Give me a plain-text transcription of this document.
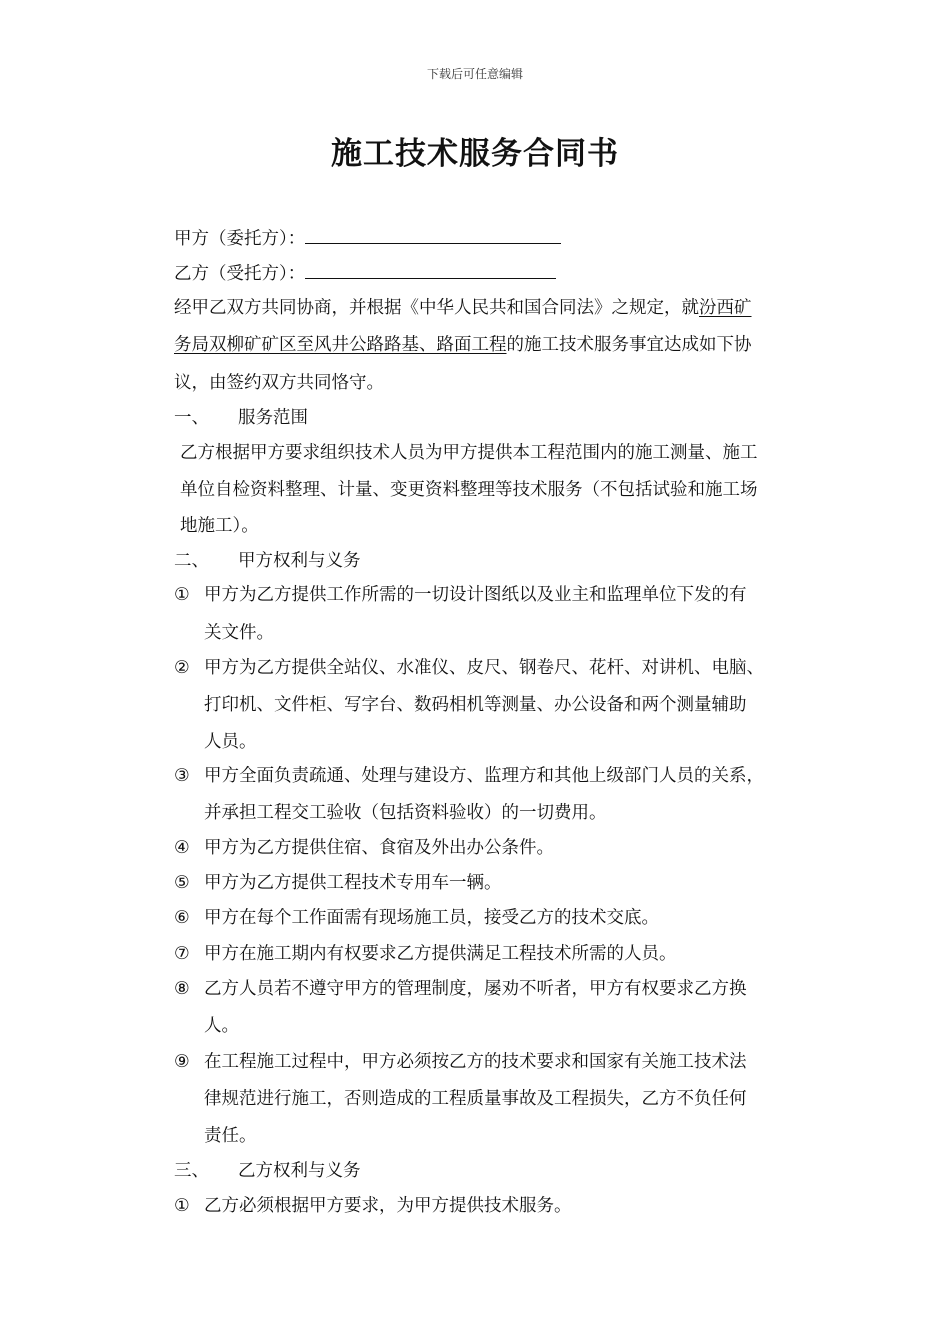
下载后可任意编辑
施工技术服务合同书
甲方（委托方）：
乙方（受托方）：
经甲乙双方共同协商，并根据《中华人民共和国合同法》之规定，就汾西矿
务局双柳矿矿区至风井公路路基、路面工程的施工技术服务事宜达成如下协
议，由签约双方共同恪守。
一、 服务范围
乙方根据甲方要求组织技术人员为甲方提供本工程范围内的施工测量、施工
单位自检资料整理、计量、变更资料整理等技术服务（不包括试验和施工场
地施工）。
二、 甲方权利与义务
① 甲方为乙方提供工作所需的一切设计图纸以及业主和监理单位下发的有
关文件。
② 甲方为乙方提供全站仪、水准仪、皮尺、钢卷尺、花杆、对讲机、电脑、
打印机、文件柜、写字台、数码相机等测量、办公设备和两个测量辅助
人员。
③ 甲方全面负责疏通、处理与建设方、监理方和其他上级部门人员的关系，
并承担工程交工验收（包括资料验收）的一切费用。
④ 甲方为乙方提供住宿、食宿及外出办公条件。
⑤ 甲方为乙方提供工程技术专用车一辆。
⑥ 甲方在每个工作面需有现场施工员，接受乙方的技术交底。
⑦ 甲方在施工期内有权要求乙方提供满足工程技术所需的人员。
⑧ 乙方人员若不遵守甲方的管理制度，屡劝不听者，甲方有权要求乙方换
人。
⑨ 在工程施工过程中，甲方必须按乙方的技术要求和国家有关施工技术法
律规范进行施工，否则造成的工程质量事故及工程损失，乙方不负任何
责任。
三、 乙方权利与义务
① 乙方必须根据甲方要求，为甲方提供技术服务。
